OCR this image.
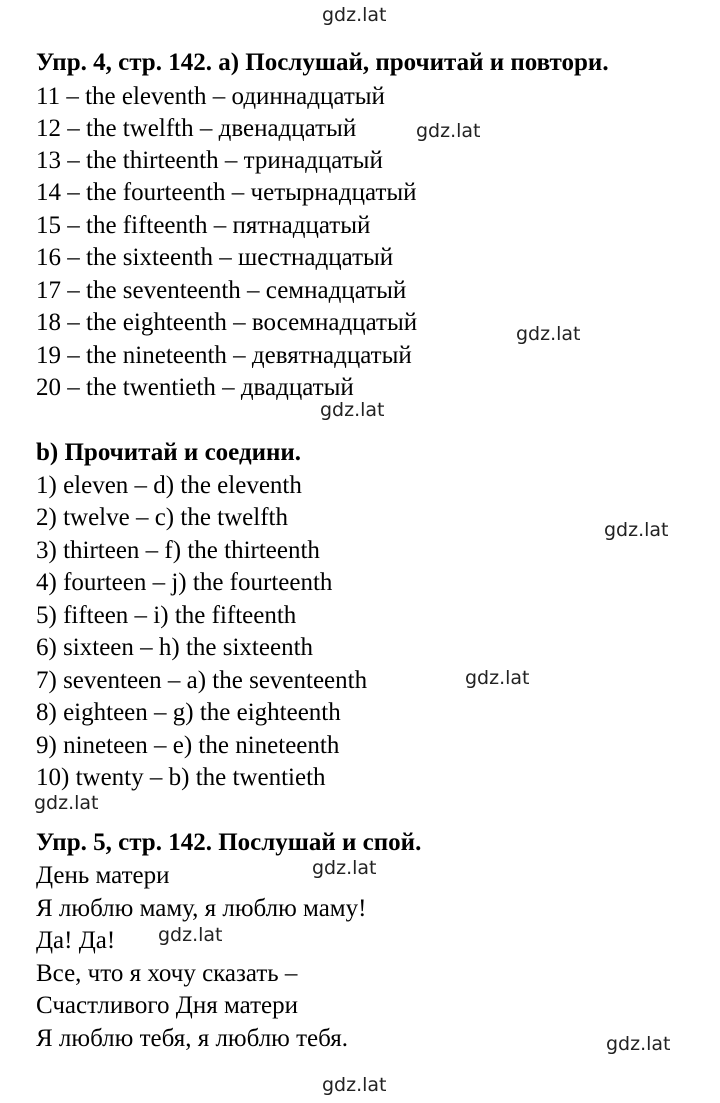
Упр. 4, стр. 142. a) Послушай, прочитай и повтори.
11 – the eleventh – одиннадцатый
12 – the twelfth – двенадцатый
13 – the thirteenth – тринадцатый
14 – the fourteenth – четырнадцатый
15 – the fifteenth – пятнадцатый
16 – the sixteenth – шестнадцатый
17 – the seventeenth – семнадцатый
18 – the eighteenth – восемнадцатый
19 – the nineteenth – девятнадцатый
20 – the twentieth – двадцатый
b) Прочитай и соедини.
1) eleven – d) the eleventh
2) twelve – c) the twelfth
3) thirteen – f) the thirteenth
4) fourteen – j) the fourteenth
5) fifteen – i) the fifteenth
6) sixteen – h) the sixteenth
7) seventeen – a) the seventeenth
8) eighteen – g) the eighteenth
9) nineteen – e) the nineteenth
10) twenty – b) the twentieth
Упр. 5, стр. 142. Послушай и спой.
День матери
Я люблю маму, я люблю маму!
Да! Да!
Все, что я хочу сказать –
Счастливого Дня матери
Я люблю тебя, я люблю тебя.
gdz.lat
gdz.lat
gdz.lat
gdz.lat
gdz.lat
gdz.lat
gdz.lat
gdz.lat
gdz.lat
gdz.lat
gdz.lat
